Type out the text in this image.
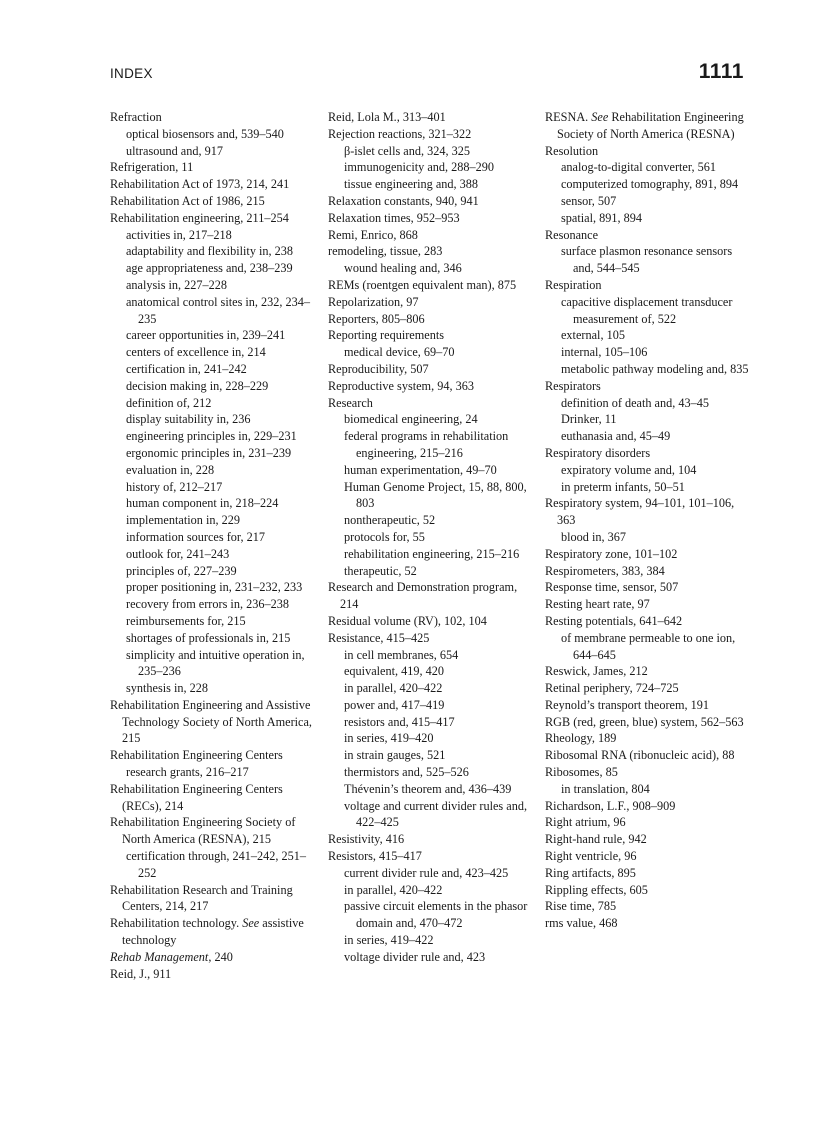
INDEX	1111
Refraction
optical biosensors and, 539–540
ultrasound and, 917
Refrigeration, 11
Rehabilitation Act of 1973, 214, 241
Rehabilitation Act of 1986, 215
Rehabilitation engineering, 211–254
activities in, 217–218
adaptability and flexibility in, 238
age appropriateness and, 238–239
analysis in, 227–228
anatomical control sites in, 232, 234–235
career opportunities in, 239–241
centers of excellence in, 214
certification in, 241–242
decision making in, 228–229
definition of, 212
display suitability in, 236
engineering principles in, 229–231
ergonomic principles in, 231–239
evaluation in, 228
history of, 212–217
human component in, 218–224
implementation in, 229
information sources for, 217
outlook for, 241–243
principles of, 227–239
proper positioning in, 231–232, 233
recovery from errors in, 236–238
reimbursements for, 215
shortages of professionals in, 215
simplicity and intuitive operation in, 235–236
synthesis in, 228
Rehabilitation Engineering and Assistive Technology Society of North America, 215
Rehabilitation Engineering Centers
research grants, 216–217
Rehabilitation Engineering Centers (RECs), 214
Rehabilitation Engineering Society of North America (RESNA), 215
certification through, 241–242, 251–252
Rehabilitation Research and Training Centers, 214, 217
Rehabilitation technology. See assistive technology
Rehab Management, 240
Reid, J., 911
Reid, Lola M., 313–401
Rejection reactions, 321–322
β-islet cells and, 324, 325
immunogenicity and, 288–290
tissue engineering and, 388
Relaxation constants, 940, 941
Relaxation times, 952–953
Remi, Enrico, 868
remodeling, tissue, 283
wound healing and, 346
REMs (roentgen equivalent man), 875
Repolarization, 97
Reporters, 805–806
Reporting requirements
medical device, 69–70
Reproducibility, 507
Reproductive system, 94, 363
Research
biomedical engineering, 24
federal programs in rehabilitation engineering, 215–216
human experimentation, 49–70
Human Genome Project, 15, 88, 800, 803
nontherapeutic, 52
protocols for, 55
rehabilitation engineering, 215–216
therapeutic, 52
Research and Demonstration program, 214
Residual volume (RV), 102, 104
Resistance, 415–425
in cell membranes, 654
equivalent, 419, 420
in parallel, 420–422
power and, 417–419
resistors and, 415–417
in series, 419–420
in strain gauges, 521
thermistors and, 525–526
Thévenin’s theorem and, 436–439
voltage and current divider rules and, 422–425
Resistivity, 416
Resistors, 415–417
current divider rule and, 423–425
in parallel, 420–422
passive circuit elements in the phasor domain and, 470–472
in series, 419–422
voltage divider rule and, 423
RESNA. See Rehabilitation Engineering Society of North America (RESNA)
Resolution
analog-to-digital converter, 561
computerized tomography, 891, 894
sensor, 507
spatial, 891, 894
Resonance
surface plasmon resonance sensors and, 544–545
Respiration
capacitive displacement transducer measurement of, 522
external, 105
internal, 105–106
metabolic pathway modeling and, 835
Respirators
definition of death and, 43–45
Drinker, 11
euthanasia and, 45–49
Respiratory disorders
expiratory volume and, 104
in preterm infants, 50–51
Respiratory system, 94–101, 101–106, 363
blood in, 367
Respiratory zone, 101–102
Respirometers, 383, 384
Response time, sensor, 507
Resting heart rate, 97
Resting potentials, 641–642
of membrane permeable to one ion, 644–645
Reswick, James, 212
Retinal periphery, 724–725
Reynold’s transport theorem, 191
RGB (red, green, blue) system, 562–563
Rheology, 189
Ribosomal RNA (ribonucleic acid), 88
Ribosomes, 85
in translation, 804
Richardson, L.F., 908–909
Right atrium, 96
Right-hand rule, 942
Right ventricle, 96
Ring artifacts, 895
Rippling effects, 605
Rise time, 785
rms value, 468
